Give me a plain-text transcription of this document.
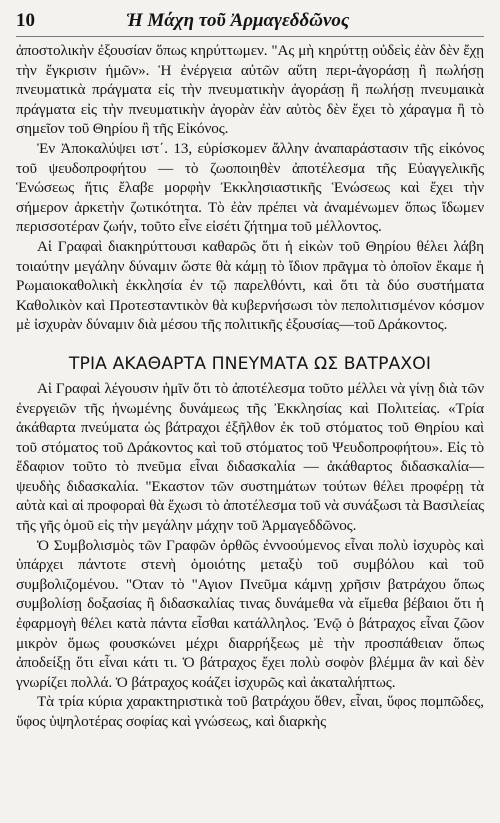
10	Ἡ Μάχη τοῦ Ἀρμαγεδδῶνος

ἀποστολικὴν ἐξουσίαν ὅπως κηρύττωμεν. "Ας μὴ κηρύττῃ οὐδεὶς ἐὰν δὲν ἔχῃ τὴν ἔγκρισιν ἡμῶν». Ἡ ἐνέργεια αὐτῶν αὕτη περι-ἀγοράσῃ ἢ πωλήσῃ πνευματικὰ πράγματα εἰς τὴν πνευματικὴν ἀγοράσῃ ἢ πωλήσῃ πνευμαικὰ πράγματα εἰς τὴν πνευματικὴν ἀγορὰν ἐὰν αὐτὸς δὲν ἔχει τὸ χάραγμα ἢ τὸ σημεῖον τοῦ Θηρίου ἢ τῆς Εἰκόνος.

Ἐν Ἀποκαλύψει ιστ΄. 13, εὑρίσκομεν ἄλλην ἀναπαράστασιν τῆς εἰκόνος τοῦ ψευδοπροφήτου — τὸ ζωοποιηθὲν ἀποτέλεσμα τῆς Εὐαγγελικῆς Ἑνώσεως ἥτις ἔλαβε μορφὴν Ἐκκλησιαστικῆς Ἑνώσεως καὶ ἔχει τὴν σήμερον ἀρκετὴν ζωτικότητα. Τὸ ἐὰν πρέπει νὰ ἀναμένωμεν ὅπως ἴδωμεν περισσοτέραν ζωήν, τοῦτο εἶνε εἰσέτι ζήτημα τοῦ μέλλοντος.

Αἱ Γραφαὶ διακηρύττουσι καθαρῶς ὅτι ἡ εἰκὼν τοῦ Θηρίου θέλει λάβη τοιαύτην μεγάλην δύναμιν ὥστε θὰ κάμῃ τὸ ἴδιον πρᾶγμα τὸ ὁποῖον ἔκαμε ἡ Ρωμαιοκαθολικὴ ἐκκλησία ἐν τῷ παρελθόντι, καὶ ὅτι τὰ δύο συστήματα Καθολικὸν καὶ Προτεσταντικὸν θὰ κυβερνήσωσι τὸν πεπολιτισμένον κόσμον μὲ ἰσχυρὰν δύναμιν διὰ μέσου τῆς πολιτικῆς ἐξουσίας—τοῦ Δράκοντος.

ΤΡΙΑ ΑΚΑΘΑΡΤΑ ΠΝΕΥΜΑΤΑ ΩΣ ΒΑΤΡΑΧΟΙ

Αἱ Γραφαὶ λέγουσιν ἡμῖν ὅτι τὸ ἀποτέλεσμα τοῦτο μέλλει νὰ γίνῃ διὰ τῶν ἐνεργειῶν τῆς ἡνωμένης δυνάμεως τῆς Ἐκκλησίας καὶ Πολιτείας. «Τρία ἀκάθαρτα πνεύματα ὡς βάτραχοι ἐξῆλθον ἐκ τοῦ στόματος τοῦ Θηρίου καὶ τοῦ στόματος τοῦ Δράκοντος καὶ τοῦ στόματος τοῦ Ψευδοπροφήτου». Εἰς τὸ ἔδαφιον τοῦτο τὸ πνεῦμα εἶναι διδασκαλία — ἀκάθαρτος διδασκαλία—ψευδὴς διδασκαλία. "Εκαστον τῶν συστημάτων τούτων θέλει προφέρῃ τὰ αὐτὰ καὶ αἱ προφοραὶ θὰ ἔχωσι τὸ ἀποτέλεσμα τοῦ νὰ συνάξωσι τὰ Βασιλείας τῆς γῆς ὁμοῦ εἰς τὴν μεγάλην μάχην τοῦ Ἀρμαγεδδῶνος.

Ὁ Συμβολισμὸς τῶν Γραφῶν ὀρθῶς ἐννοούμενος εἶναι πολὺ ἰσχυρὸς καὶ ὑπάρχει πάντοτε στενὴ ὁμοιότης μεταξὺ τοῦ συμβόλου καὶ τοῦ συμβολιζομένου. "Οταν τὸ "Αγιον Πνεῦμα κάμνῃ χρῆσιν βατράχου ὅπως συμβολίσῃ δοξασίας ἢ διδασκαλίας τινας δυνάμεθα νὰ εἴμεθα βέβαιοι ὅτι ἡ ἐφαρμογὴ θέλει κατὰ πάντα εἶσθαι κατάλληλος. Ἐνῷ ὁ βάτραχος εἶναι ζῶον μικρὸν ὅμως φουσκώνει μέχρι διαρρήξεως μὲ τὴν προσπάθειαν ὅπως ἀποδείξῃ ὅτι εἶναι κάτι τι. Ὁ βάτραχος ἔχει πολὺ σοφὸν βλέμμα ἂν καὶ δὲν γνωρίζει πολλά. Ὁ βάτραχος κοάζει ἰσχυρῶς καὶ ἀκαταλήπτως.

Τὰ τρία κύρια χαρακτηριστικὰ τοῦ βατράχου ὅθεν, εἶναι, ὕφος πομπῶδες, ὕφος ὑψηλοτέρας σοφίας καὶ γνώσεως, καὶ διαρκὴς
